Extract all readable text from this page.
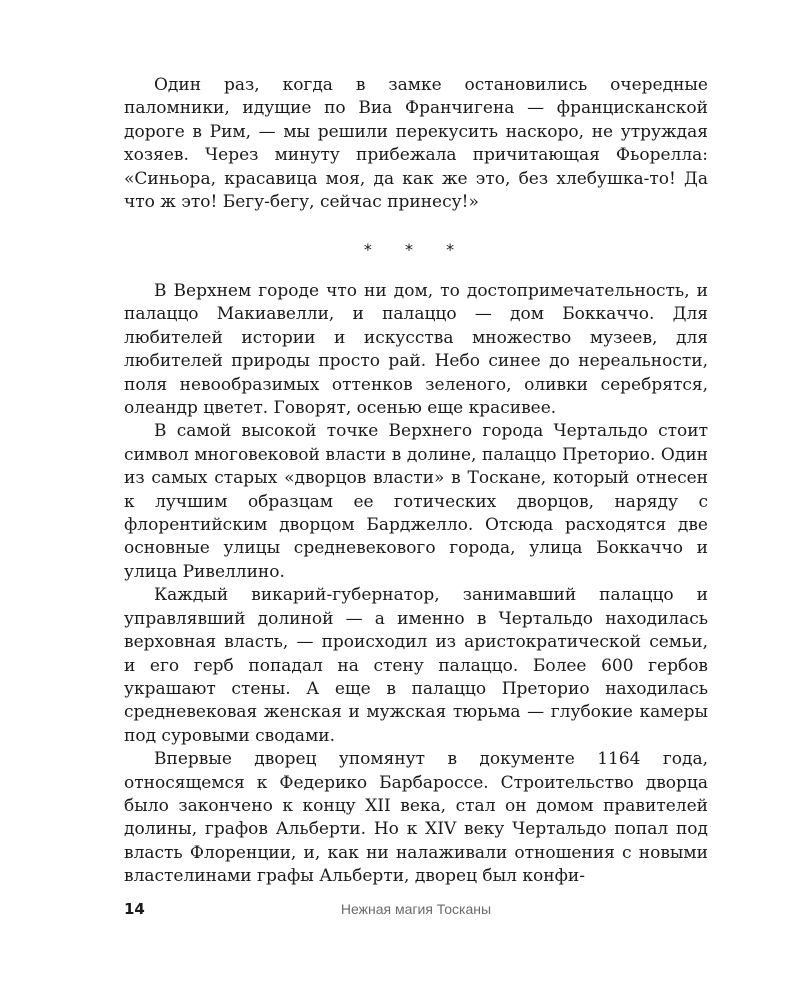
Один раз, когда в замке остановились очередные паломники, идущие по Виа Франчигена — францисканской дороге в Рим, — мы решили перекусить наскоро, не утруждая хозяев. Через минуту прибежала причитающая Фьорелла: «Синьора, красавица моя, да как же это, без хлебушка-то! Да что ж это! Бегу-бегу, сейчас принесу!»

* * *

В Верхнем городе что ни дом, то достопримечательность, и палаццо Макиавелли, и палаццо — дом Боккаччо. Для любителей истории и искусства множество музеев, для любителей природы просто рай. Небо синее до нереальности, поля невообразимых оттенков зеленого, оливки серебрятся, олеандр цветет. Говорят, осенью еще красивее.

В самой высокой точке Верхнего города Чертальдо стоит символ многовековой власти в долине, палаццо Преторио. Один из самых старых «дворцов власти» в Тоскане, который отнесен к лучшим образцам ее готических дворцов, наряду с флорентийским дворцом Барджелло. Отсюда расходятся две основные улицы средневекового города, улица Боккаччо и улица Ривеллино.

Каждый викарий-губернатор, занимавший палаццо и управлявший долиной — а именно в Чертальдо находилась верховная власть, — происходил из аристократической семьи, и его герб попадал на стену палаццо. Более 600 гербов украшают стены. А еще в палаццо Преторио находилась средневековая женская и мужская тюрьма — глубокие камеры под суровыми сводами.

Впервые дворец упомянут в документе 1164 года, относящемся к Федерико Барбароссе. Строительство дворца было закончено к концу XII века, стал он домом правителей долины, графов Альберти. Но к XIV веку Чертальдо попал под власть Флоренции, и, как ни налаживали отношения с новыми властелинами графы Альберти, дворец был конфи-

14	Нежная магия Тосканы
